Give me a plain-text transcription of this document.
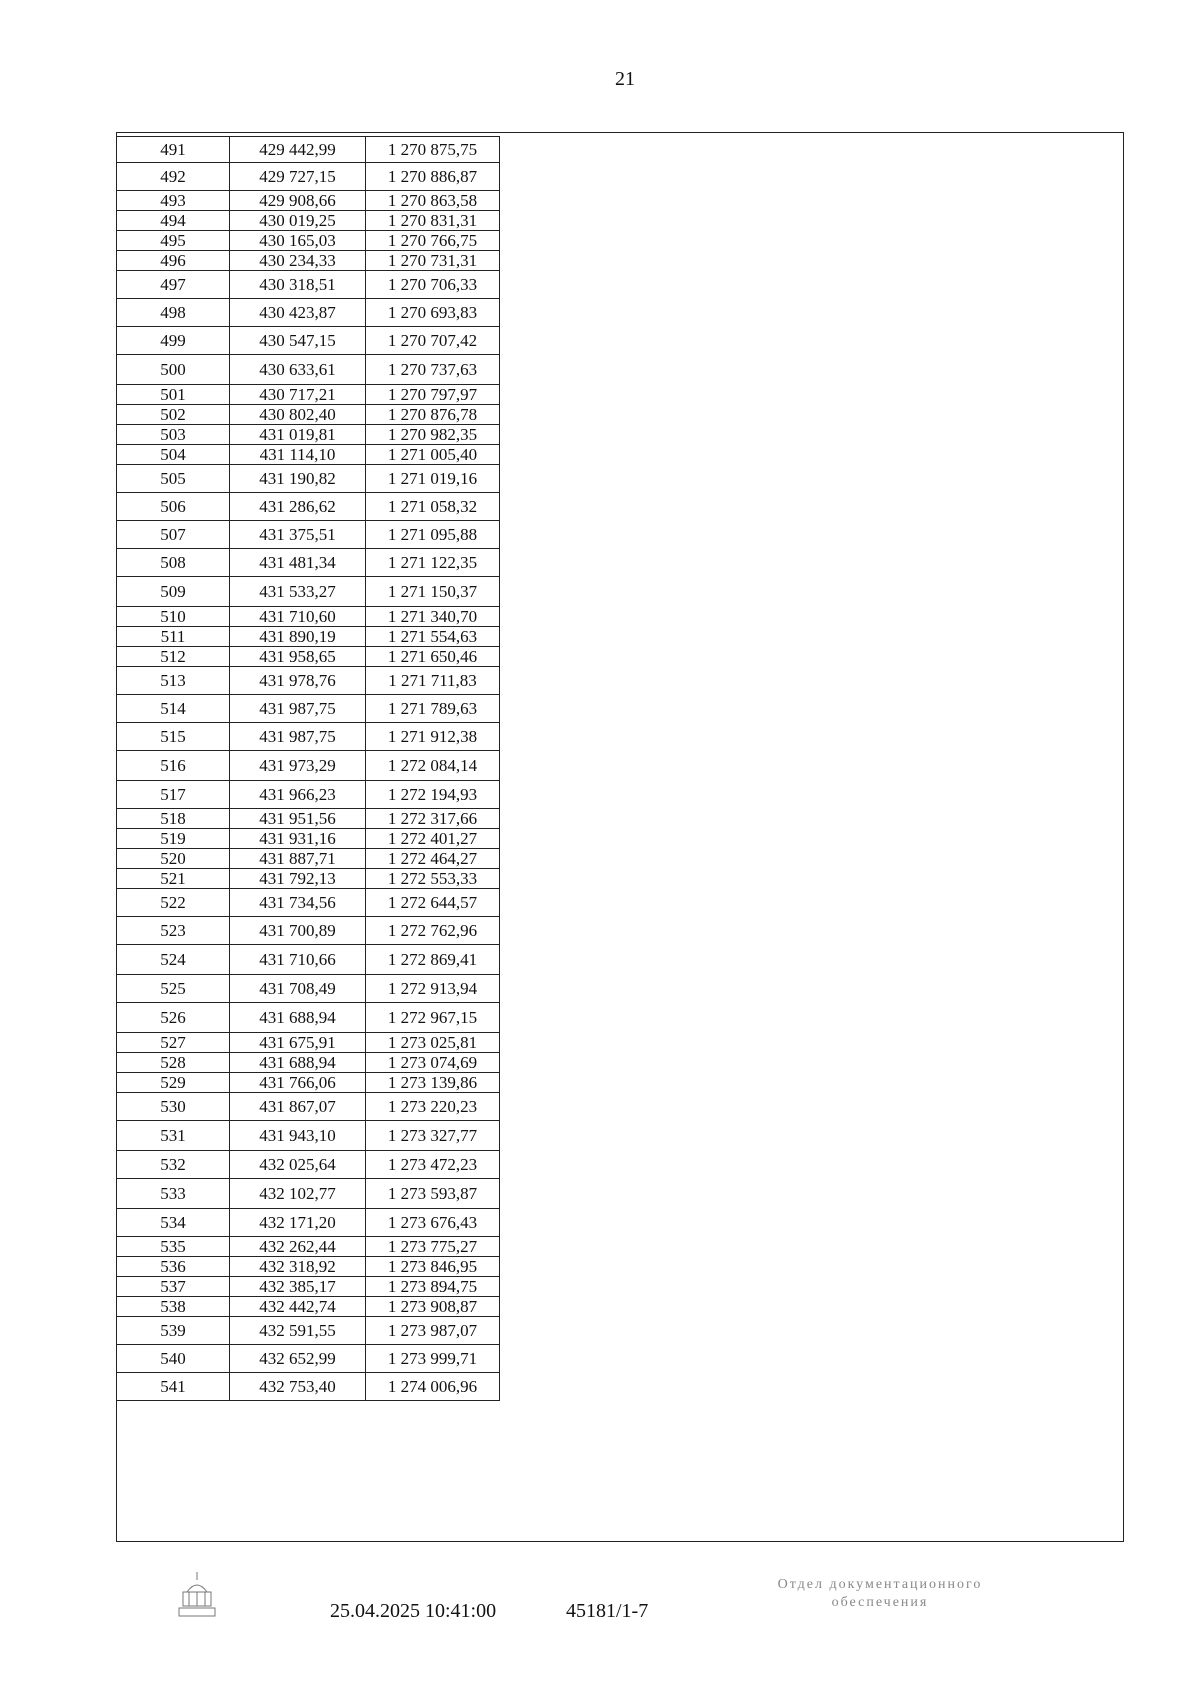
21
491	429 442,99	1 270 875,75
492	429 727,15	1 270 886,87
493	429 908,66	1 270 863,58
494	430 019,25	1 270 831,31
495	430 165,03	1 270 766,75
496	430 234,33	1 270 731,31
497	430 318,51	1 270 706,33
498	430 423,87	1 270 693,83
499	430 547,15	1 270 707,42
500	430 633,61	1 270 737,63
501	430 717,21	1 270 797,97
502	430 802,40	1 270 876,78
503	431 019,81	1 270 982,35
504	431 114,10	1 271 005,40
505	431 190,82	1 271 019,16
506	431 286,62	1 271 058,32
507	431 375,51	1 271 095,88
508	431 481,34	1 271 122,35
509	431 533,27	1 271 150,37
510	431 710,60	1 271 340,70
511	431 890,19	1 271 554,63
512	431 958,65	1 271 650,46
513	431 978,76	1 271 711,83
514	431 987,75	1 271 789,63
515	431 987,75	1 271 912,38
516	431 973,29	1 272 084,14
517	431 966,23	1 272 194,93
518	431 951,56	1 272 317,66
519	431 931,16	1 272 401,27
520	431 887,71	1 272 464,27
521	431 792,13	1 272 553,33
522	431 734,56	1 272 644,57
523	431 700,89	1 272 762,96
524	431 710,66	1 272 869,41
525	431 708,49	1 272 913,94
526	431 688,94	1 272 967,15
527	431 675,91	1 273 025,81
528	431 688,94	1 273 074,69
529	431 766,06	1 273 139,86
530	431 867,07	1 273 220,23
531	431 943,10	1 273 327,77
532	432 025,64	1 273 472,23
533	432 102,77	1 273 593,87
534	432 171,20	1 273 676,43
535	432 262,44	1 273 775,27
536	432 318,92	1 273 846,95
537	432 385,17	1 273 894,75
538	432 442,74	1 273 908,87
539	432 591,55	1 273 987,07
540	432 652,99	1 273 999,71
541	432 753,40	1 274 006,96
25.04.2025 10:41:00	45181/1-7
Отдел документационного
обеспечения
